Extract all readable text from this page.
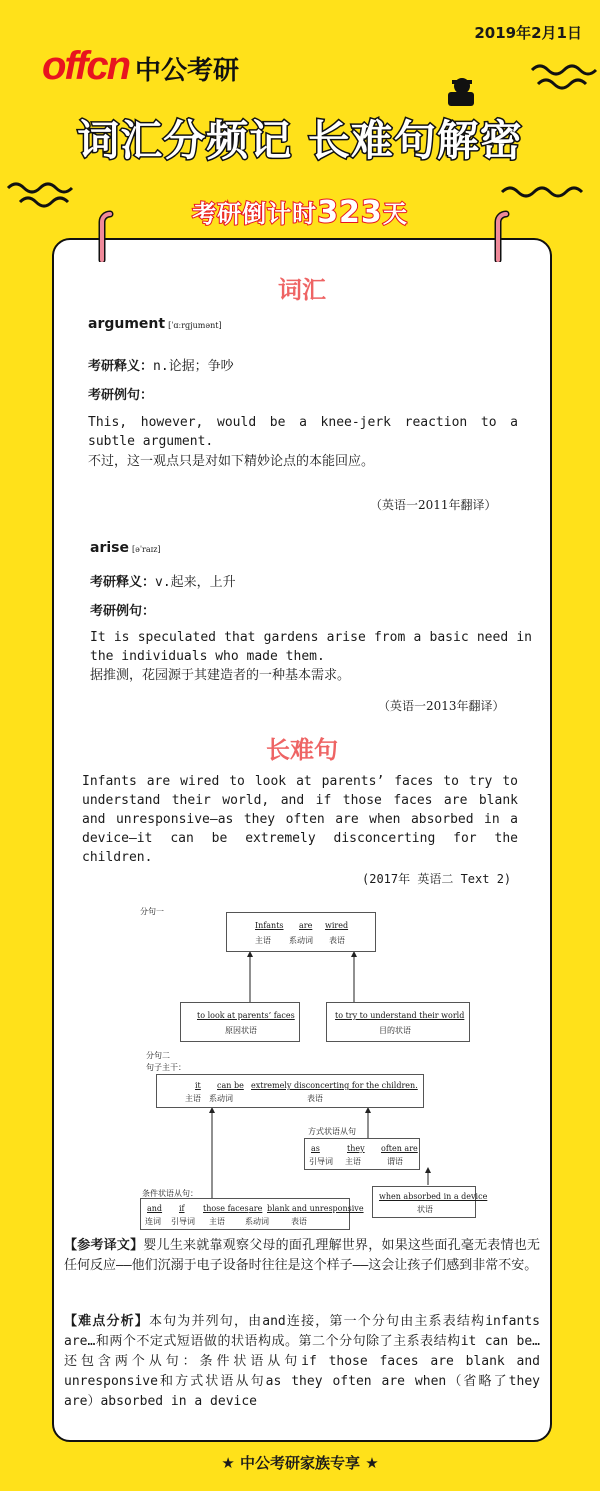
2019年2月1日
offcn 中公考研
词汇分频记 长难句解密
考研倒计时323天
词汇
argument [ˈɑːrɡjumənt]
考研释义：n.论据；争吵
考研例句：
This, however, would be a knee-jerk reaction to a subtle argument.
不过，这一观点只是对如下精妙论点的本能回应。
（英语一2011年翻译）
arise [əˈraɪz]
考研释义：v.起来，上升
考研例句：
It is speculated that gardens arise from a basic need in the individuals who made them.
据推测，花园源于其建造者的一种基本需求。
（英语一2013年翻译）
长难句
Infants are wired to look at parents’ faces to try to understand their world, and if those faces are blank and unresponsive—as they often are when absorbed in a device—it can be extremely disconcerting for the children.
(2017年 英语二 Text 2)
分句一
Infants are wired
主语 系动词 表语
to look at parents’ faces
原因状语
to try to understand their world
目的状语
分句二
句子主干：
it can be extremely disconcerting for the children.
主语 系动词	表语
方式状语从句
as	they often are
引导词 主语	谓语
when absorbed in a device
状语
条件状语从句：
and if those faces are blank and unresponsive
连词 引导词 主语	系动词	表语
【参考译文】婴儿生来就靠观察父母的面孔理解世界，如果这些面孔毫无表情也无任何反应——他们沉溺于电子设备时往往是这个样子——这会让孩子们感到非常不安。
【难点分析】本句为并列句，由and连接，第一个分句由主系表结构infants are…和两个不定式短语做的状语构成。第二个分句除了主系表结构it can be… 还包含两个从句：条件状语从句if those faces are blank and unresponsive和方式状语从句as they often are when（省略了they are）absorbed in a device
★ 中公考研家族专享 ★
